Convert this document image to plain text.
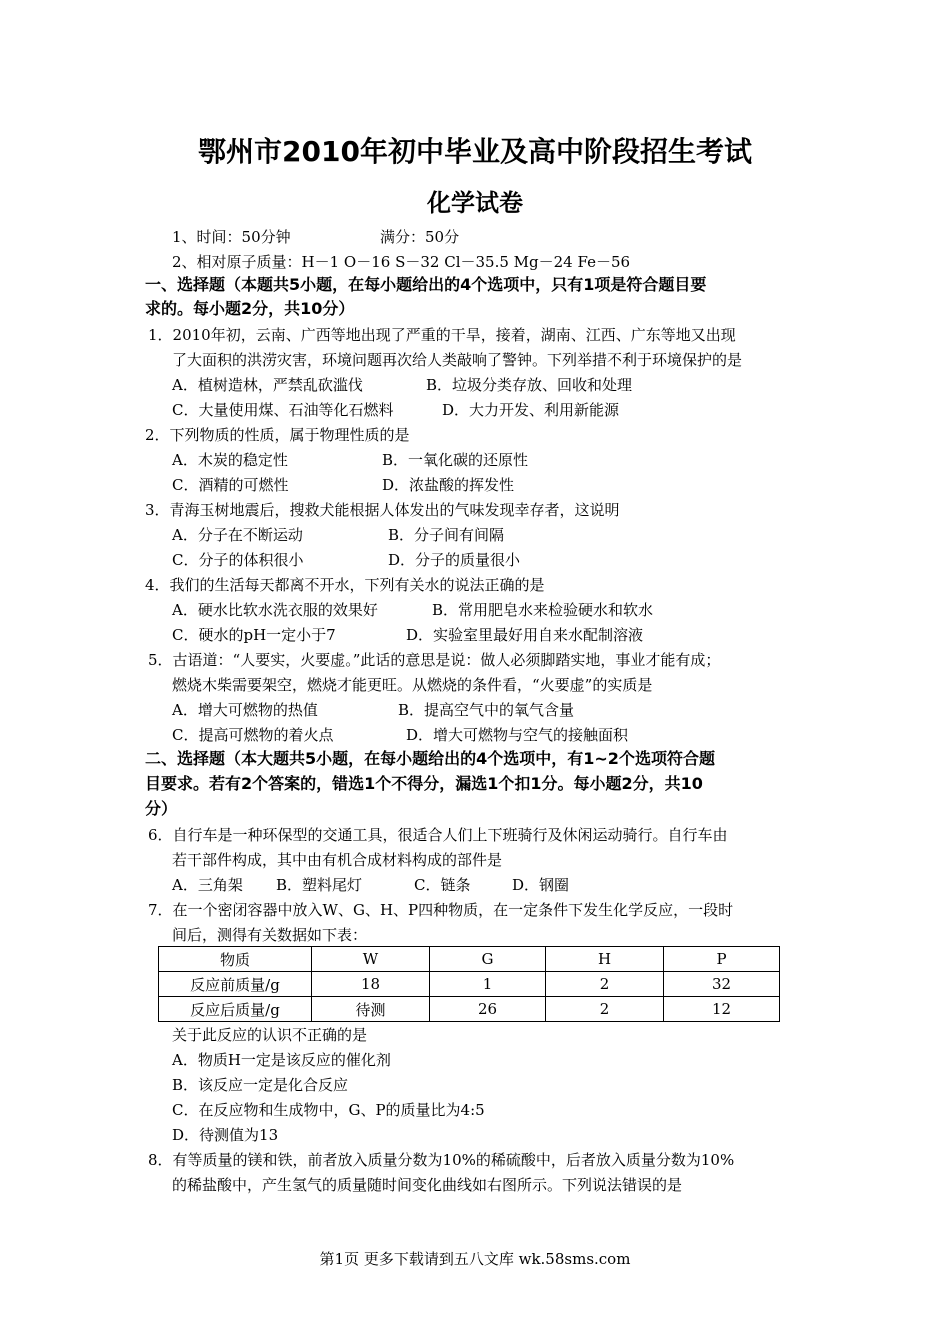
鄂州市2010年初中毕业及高中阶段招生考试
化学试卷
1、时间：50分钟	满分：50分
2、相对原子质量：H－1 O－16 S－32 Cl－35.5 Mg－24 Fe－56
一、选择题（本题共5小题，在每小题给出的4个选项中，只有1项是符合题目要
求的。每小题2分，共10分）
1．2010年初，云南、广西等地出现了严重的干旱，接着，湖南、江西、广东等地又出现
了大面积的洪涝灾害，环境问题再次给人类敲响了警钟。下列举措不利于环境保护的是
A．植树造林，严禁乱砍滥伐	B．垃圾分类存放、回收和处理
C．大量使用煤、石油等化石燃料	D．大力开发、利用新能源
2．下列物质的性质，属于物理性质的是
A．木炭的稳定性	B．一氧化碳的还原性
C．酒精的可燃性	D．浓盐酸的挥发性
3．青海玉树地震后，搜救犬能根据人体发出的气味发现幸存者，这说明
A．分子在不断运动	B．分子间有间隔
C．分子的体积很小	D．分子的质量很小
4．我们的生活每天都离不开水，下列有关水的说法正确的是
A．硬水比软水洗衣服的效果好	B．常用肥皂水来检验硬水和软水
C．硬水的pH一定小于7	D．实验室里最好用自来水配制溶液
5．古语道：“人要实，火要虚。”此话的意思是说：做人必须脚踏实地，事业才能有成；
燃烧木柴需要架空，燃烧才能更旺。从燃烧的条件看，“火要虚”的实质是
A．增大可燃物的热值	B．提高空气中的氧气含量
C．提高可燃物的着火点	D．增大可燃物与空气的接触面积
二、选择题（本大题共5小题，在每小题给出的4个选项中，有1~2个选项符合题
目要求。若有2个答案的，错选1个不得分，漏选1个扣1分。每小题2分，共10
分）
6．自行车是一种环保型的交通工具，很适合人们上下班骑行及休闲运动骑行。自行车由
若干部件构成，其中由有机合成材料构成的部件是
A．三角架 B．塑料尾灯	C．链条	D．钢圈
7．在一个密闭容器中放入W、G、H、P四种物质，在一定条件下发生化学反应，一段时
间后，测得有关数据如下表：
物质	W	G	H	P
反应前质量/g	18	1	2	32
反应后质量/g	待测	26	2	12
关于此反应的认识不正确的是
A．物质H一定是该反应的催化剂
B．该反应一定是化合反应
C．在反应物和生成物中，G、P的质量比为4:5
D．待测值为13
8．有等质量的镁和铁，前者放入质量分数为10%的稀硫酸中，后者放入质量分数为10%
的稀盐酸中，产生氢气的质量随时间变化曲线如右图所示。下列说法错误的是
第1页 更多下载请到五八文库 wk.58sms.com
